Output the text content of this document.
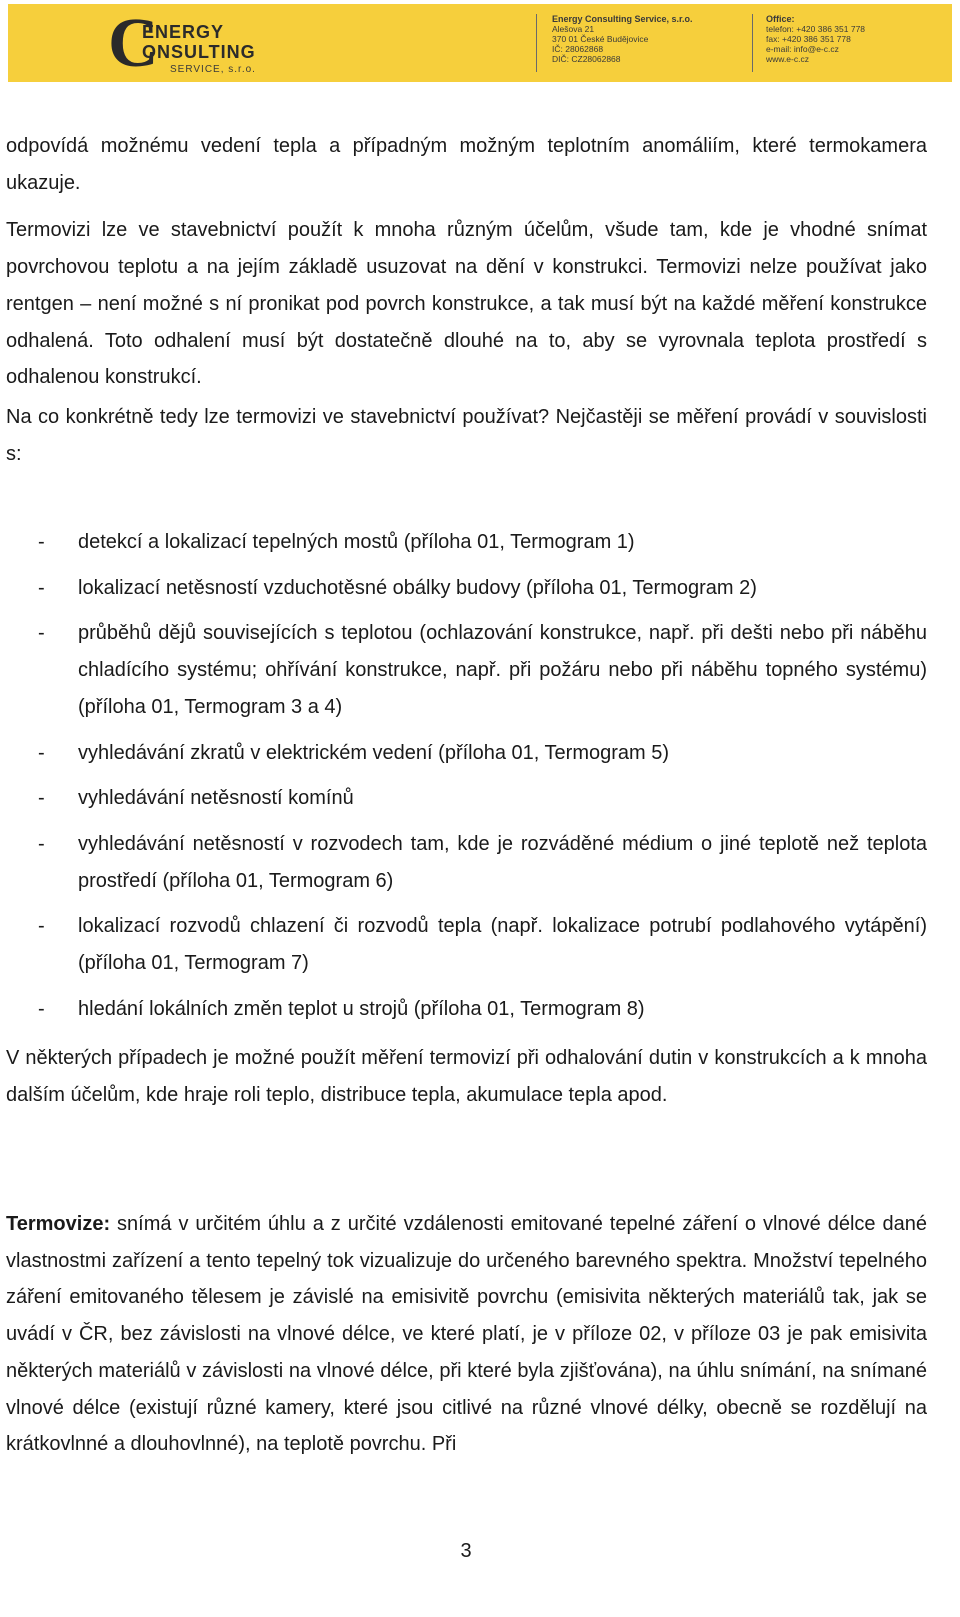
C
ENERGY
ONSULTING
SERVICE, s.r.o.
Energy Consulting Service, s.r.o.
Alešova 21
370 01 České Budějovice
IČ: 28062868
DIČ: CZ28062868
Office:
telefon: +420 386 351 778
fax: +420 386 351 778
e-mail: info@e-c.cz
www.e-c.cz

odpovídá možnému vedení tepla a případným možným teplotním anomáliím, které termokamera ukazuje.

Termovizi lze ve stavebnictví použít k mnoha různým účelům, všude tam, kde je vhodné snímat povrchovou teplotu a na jejím základě usuzovat na dění v konstrukci. Termovizi nelze používat jako rentgen – není možné s ní pronikat pod povrch konstrukce, a tak musí být na každé měření konstrukce odhalená. Toto odhalení musí být dostatečně dlouhé na to, aby se vyrovnala teplota prostředí s odhalenou konstrukcí.

Na co konkrétně tedy lze termovizi ve stavebnictví používat? Nejčastěji se měření provádí v souvislosti s:

- detekcí a lokalizací tepelných mostů (příloha 01, Termogram 1)
- lokalizací netěsností vzduchotěsné obálky budovy (příloha 01, Termogram 2)
- průběhů dějů souvisejících s teplotou (ochlazování konstrukce, např. při dešti nebo při náběhu chladícího systému; ohřívání konstrukce, např. při požáru nebo při náběhu topného systému) (příloha 01, Termogram 3 a 4)
- vyhledávání zkratů v elektrickém vedení (příloha 01, Termogram 5)
- vyhledávání netěsností komínů
- vyhledávání netěsností v rozvodech tam, kde je rozváděné médium o jiné teplotě než teplota prostředí (příloha 01, Termogram 6)
- lokalizací rozvodů chlazení či rozvodů tepla (např. lokalizace potrubí podlahového vytápění) (příloha 01, Termogram 7)
- hledání lokálních změn teplot u strojů (příloha 01, Termogram 8)

V některých případech je možné použít měření termovizí při odhalování dutin v konstrukcích a k mnoha dalším účelům, kde hraje roli teplo, distribuce tepla, akumulace tepla apod.

Termovize: snímá v určitém úhlu a z určité vzdálenosti emitované tepelné záření o vlnové délce dané vlastnostmi zařízení a tento tepelný tok vizualizuje do určeného barevného spektra. Množství tepelného záření emitovaného tělesem je závislé na emisivitě povrchu (emisivita některých materiálů tak, jak se uvádí v ČR, bez závislosti na vlnové délce, ve které platí, je v příloze 02, v příloze 03 je pak emisivita některých materiálů v závislosti na vlnové délce, při které byla zjišťována), na úhlu snímání, na snímané vlnové délce (existují různé kamery, které jsou citlivé na různé vlnové délky, obecně se rozdělují na krátkovlnné a dlouhovlnné), na teplotě povrchu. Při

3
